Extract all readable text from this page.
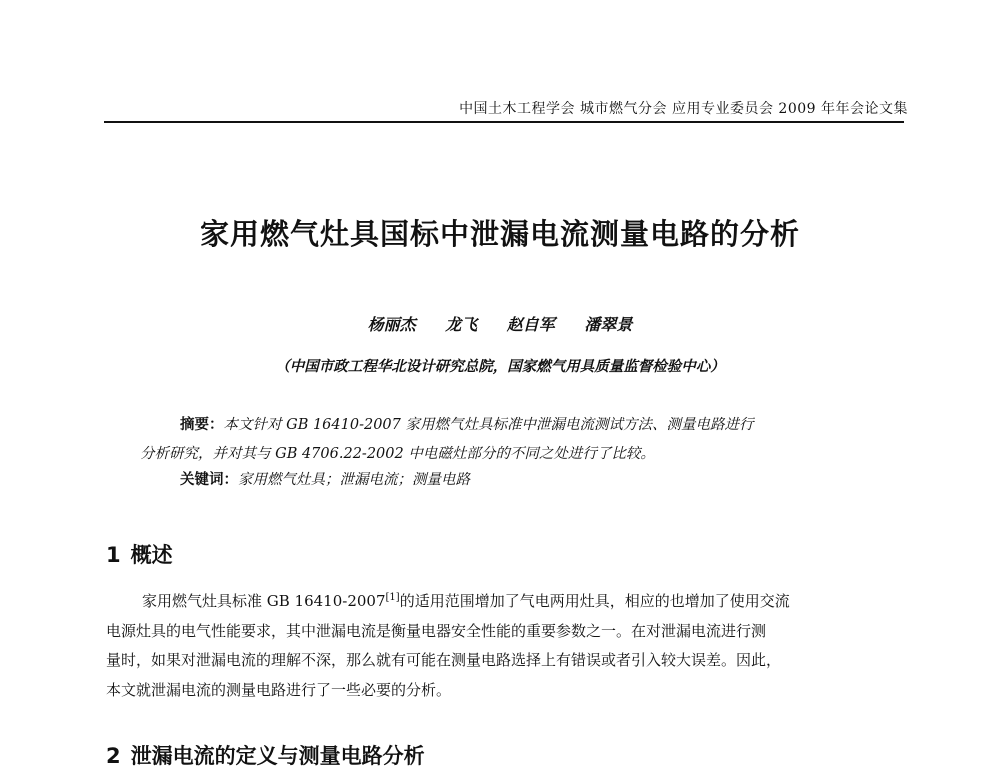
中国土木工程学会 城市燃气分会 应用专业委员会 2009 年年会论文集
家用燃气灶具国标中泄漏电流测量电路的分析
杨丽杰 龙飞 赵自军 潘翠景
（中国市政工程华北设计研究总院，国家燃气用具质量监督检验中心）
摘要：本文针对 GB 16410-2007 家用燃气灶具标准中泄漏电流测试方法、测量电路进行
分析研究，并对其与 GB 4706.22-2002 中电磁灶部分的不同之处进行了比较。
关键词：家用燃气灶具；泄漏电流；测量电路
1 概述
家用燃气灶具标准 GB 16410-2007[1]的适用范围增加了气电两用灶具，相应的也增加了使用交流
电源灶具的电气性能要求，其中泄漏电流是衡量电器安全性能的重要参数之一。在对泄漏电流进行测
量时，如果对泄漏电流的理解不深，那么就有可能在测量电路选择上有错误或者引入较大误差。因此，
本文就泄漏电流的测量电路进行了一些必要的分析。
2 泄漏电流的定义与测量电路分析
